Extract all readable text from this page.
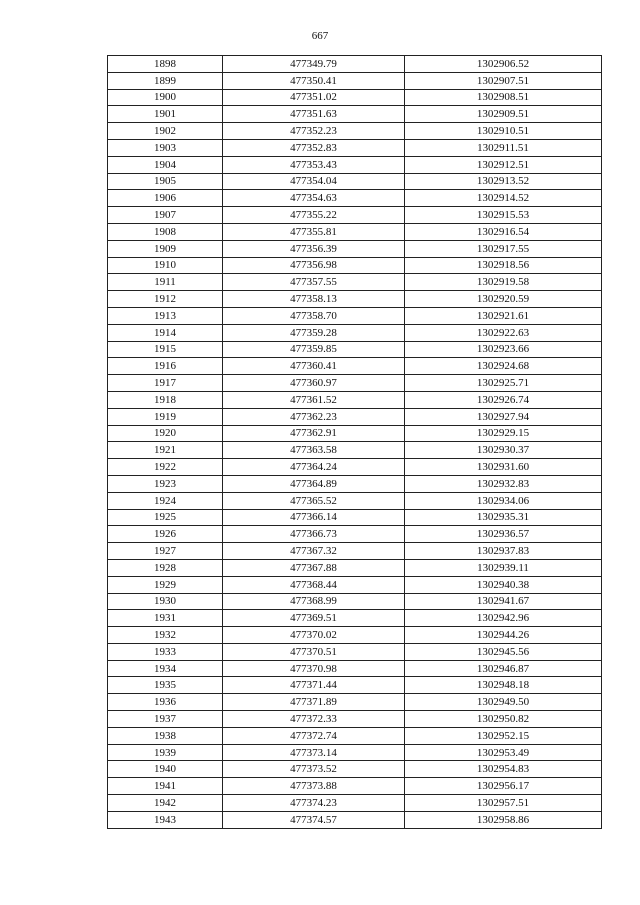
667
1898	477349.79	1302906.52
1899	477350.41	1302907.51
1900	477351.02	1302908.51
1901	477351.63	1302909.51
1902	477352.23	1302910.51
1903	477352.83	1302911.51
1904	477353.43	1302912.51
1905	477354.04	1302913.52
1906	477354.63	1302914.52
1907	477355.22	1302915.53
1908	477355.81	1302916.54
1909	477356.39	1302917.55
1910	477356.98	1302918.56
1911	477357.55	1302919.58
1912	477358.13	1302920.59
1913	477358.70	1302921.61
1914	477359.28	1302922.63
1915	477359.85	1302923.66
1916	477360.41	1302924.68
1917	477360.97	1302925.71
1918	477361.52	1302926.74
1919	477362.23	1302927.94
1920	477362.91	1302929.15
1921	477363.58	1302930.37
1922	477364.24	1302931.60
1923	477364.89	1302932.83
1924	477365.52	1302934.06
1925	477366.14	1302935.31
1926	477366.73	1302936.57
1927	477367.32	1302937.83
1928	477367.88	1302939.11
1929	477368.44	1302940.38
1930	477368.99	1302941.67
1931	477369.51	1302942.96
1932	477370.02	1302944.26
1933	477370.51	1302945.56
1934	477370.98	1302946.87
1935	477371.44	1302948.18
1936	477371.89	1302949.50
1937	477372.33	1302950.82
1938	477372.74	1302952.15
1939	477373.14	1302953.49
1940	477373.52	1302954.83
1941	477373.88	1302956.17
1942	477374.23	1302957.51
1943	477374.57	1302958.86
